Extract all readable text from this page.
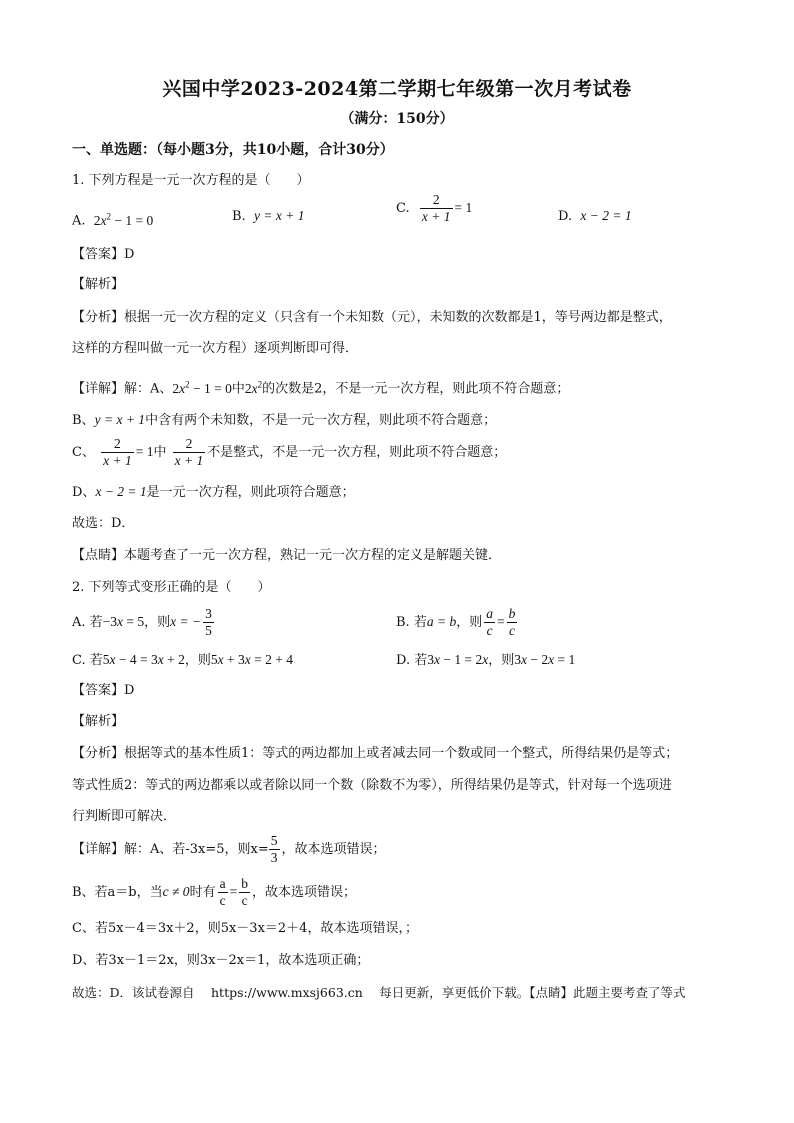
兴国中学2023-2024第二学期七年级第一次月考试卷
（满分：150分）
一、单选题：（每小题3分，共10小题，合计30分）
1. 下列方程是一元一次方程的是（　　）
A. $2x^2 - 1 = 0$	B. y = x + 1	C. $\frac{2}{x + 1} = 1$
D. x − 2 = 1
【答案】D
【解析】
【分析】根据一元一次方程的定义（只含有一个未知数（元），未知数的次数都是1，等号两边都是整式，
这样的方程叫做一元一次方程）逐项判断即可得．
【详解】解：A、$2x^2 - 1 = 0$中$2x^2$的次数是2，不是一元一次方程，则此项不符合题意；
B、y = x + 1中含有两个未知数，不是一元一次方程，则此项不符合题意；
C、 $\frac{2}{x + 1} = 1$中 $\frac{2}{x + 1}$ 不是整式，不是一元一次方程，则此项不符合题意；
D、x − 2 = 1是一元一次方程，则此项符合题意；
故选：D．
【点睛】本题考查了一元一次方程，熟记一元一次方程的定义是解题关键．
2. 下列等式变形正确的是（　　）
A. 若−3x = 5，则x = − $\frac{3}{5}$	B. 若a = b，则 $\frac{a}{c} = \frac{b}{c}$
C. 若5x − 4 = 3x + 2，则5x + 3x = 2 + 4	D. 若3x − 1 = 2x，则3x − 2x = 1
【答案】D
【解析】
【分析】根据等式的基本性质1：等式的两边都加上或者减去同一个数或同一个整式，所得结果仍是等式；
等式性质2：等式的两边都乘以或者除以同一个数（除数不为零），所得结果仍是等式，针对每一个选项进
行判断即可解决．
【详解】解：A、若-3x=5，则$x= \frac{5}{3}$ ，故本选项错误；
B、若a＝b，当c ≠ 0时有 $\frac{a}{c} = \frac{b}{c}$ ，故本选项错误；
C、若5x－4＝3x＋2，则5x－3x＝2＋4，故本选项错误，；
D、若3x－1＝2x，则3x－2x＝1，故本选项正确；
故选：D．该试卷源自　 https://www.mxsj663.cn　 每日更新，享更低价下载。【点睛】此题主要考查了等式
